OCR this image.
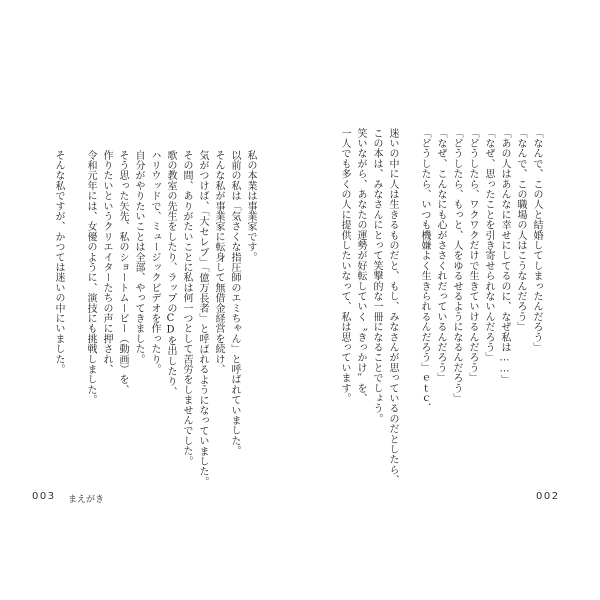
私の本業は事業家です。
以前の私は「気さくな指圧師のエミちゃん」と呼ばれていました。
そんな私が事業家に転身して無借金経営を続け、
気がつけば、「大セレブ」「億万長者」と呼ばれるようになっていました。
その間、ありがたいことに私は何一つとして苦労をしませんでした。
歌の教室の先生をしたり、ラップのCDを出したり、
ハリウッドで、ミュージックビデオを作ったり。
自分がやりたいことは全部、やってきました。
そう思った矢先、私のショートムービー（動画）を、
作りたいというクリエイターたちの声に押され、
令和元年には、女優のように、演技にも挑戦しました。
そんな私ですが、かつては迷いの中にいました。
003 まえがき
「なんで、この人と結婚してしまったんだろう」
「なんで、この職場の人はこうなんだろう」
「あの人はあんなに幸せにしてるのに、なぜ私は……」
「なぜ、思ったことを引き寄せられないんだろう」
「どうしたら、ワクワクだけで生きていけるんだろう」
「どうしたら、もっと、人をゆるせるようになるんだろう」
「なぜ、こんなにも心がささくれだっているんだろう」
「どうしたら、いつも機嫌よく生きられるんだろう」ｅｔｃ．
迷いの中に人は生きるものだと、もし、みなさんが思っているのだとしたら、
この本は、みなさんにとって笑撃的な一冊になることでしょう。
笑いながら、あなたの運勢が好転していく〝きっかけ〟を、
一人でも多くの人に提供したいなって、私は思っています。
002
